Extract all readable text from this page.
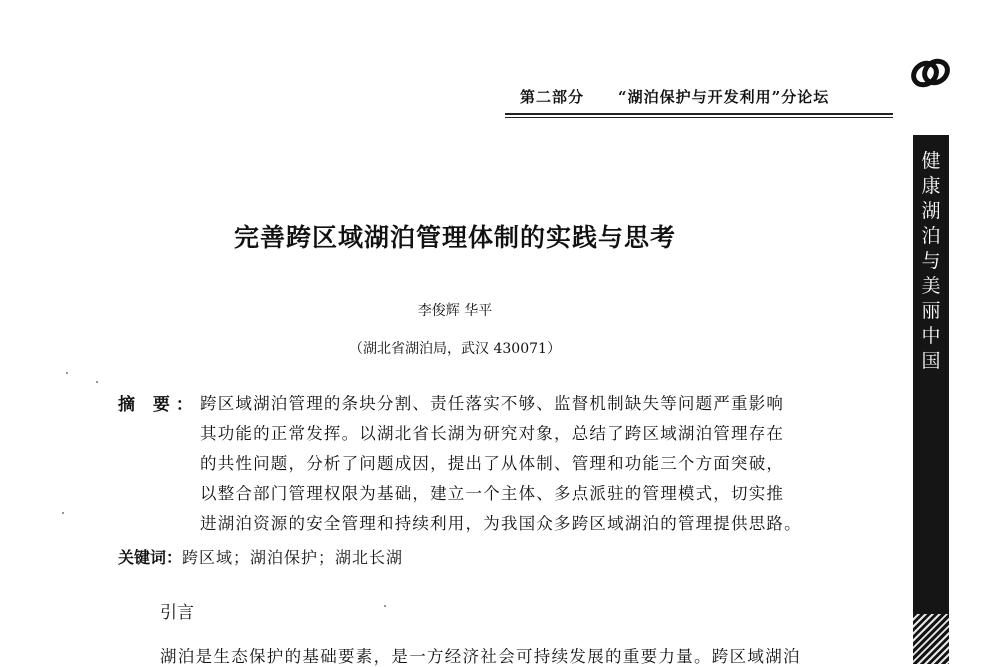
第二部分 “湖泊保护与开发利用”分论坛
健
康
湖
泊
与
美
丽
中
国
完善跨区域湖泊管理体制的实践与思考
李俊辉 华平
（湖北省湖泊局，武汉 430071）
摘 要： 跨区域湖泊管理的条块分割、责任落实不够、监督机制缺失等问题严重影响
其功能的正常发挥。以湖北省长湖为研究对象，总结了跨区域湖泊管理存在
的共性问题，分析了问题成因，提出了从体制、管理和功能三个方面突破，
以整合部门管理权限为基础，建立一个主体、多点派驻的管理模式，切实推
进湖泊资源的安全管理和持续利用，为我国众多跨区域湖泊的管理提供思路。
关键词：跨区域；湖泊保护；湖北长湖
引言
湖泊是生态保护的基础要素，是一方经济社会可持续发展的重要力量。跨区域湖泊
